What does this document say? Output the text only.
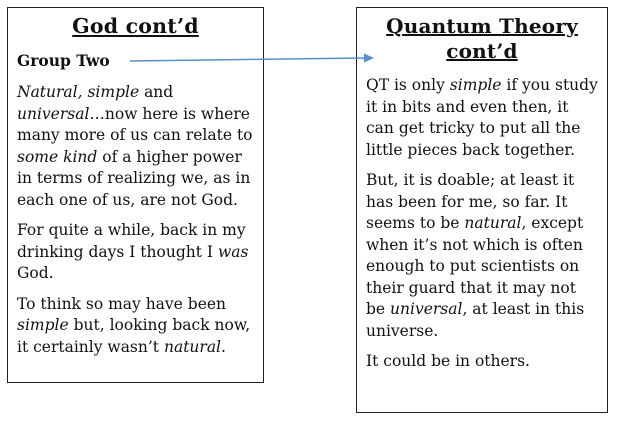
God cont’d
Group Two

Natural, simple and universal…now here is where many more of us can relate to some kind of a higher power in terms of realizing we, as in each one of us, are not God.

For quite a while, back in my drinking days I thought I was God.

To think so may have been simple but, looking back now, it certainly wasn’t natural.

Quantum Theory
cont’d

QT is only simple if you study it in bits and even then, it can get tricky to put all the little pieces back together.

But, it is doable; at least it has been for me, so far. It seems to be natural, except when it’s not which is often enough to put scientists on their guard that it may not be universal, at least in this universe.

It could be in others.
